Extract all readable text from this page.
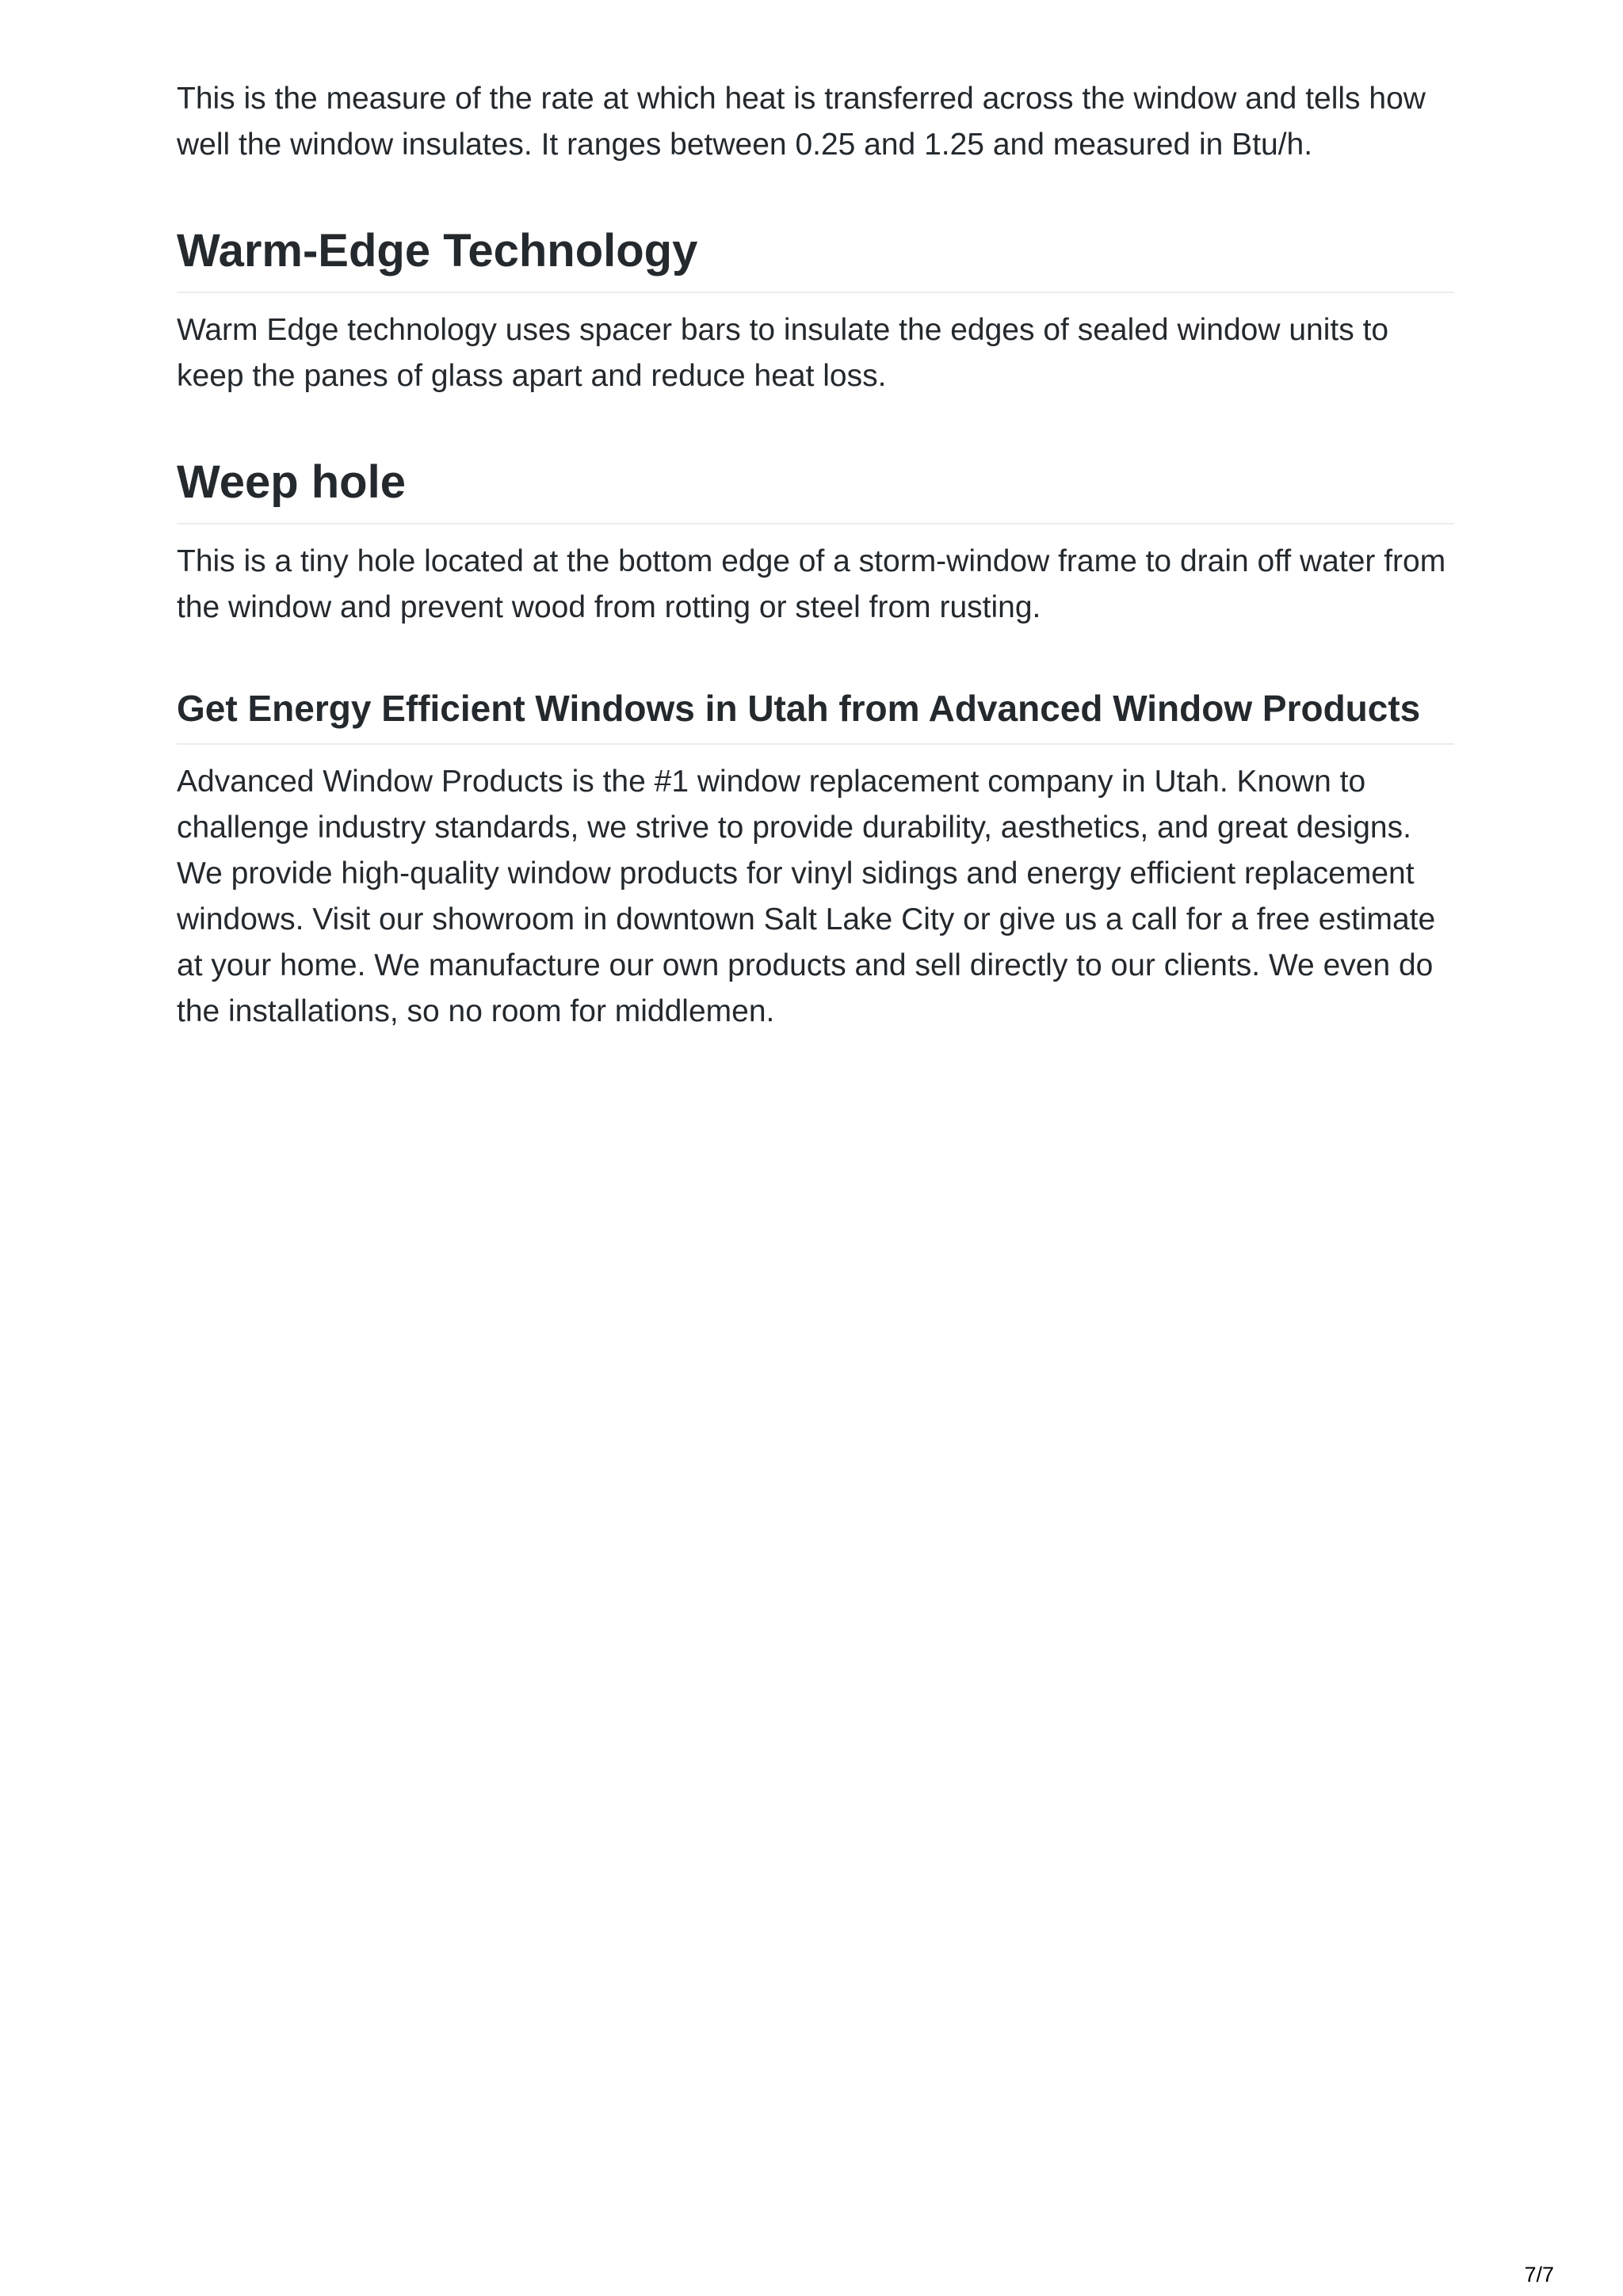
This is the measure of the rate at which heat is transferred across the window and tells how well the window insulates. It ranges between 0.25 and 1.25 and measured in Btu/h.

Warm-Edge Technology

Warm Edge technology uses spacer bars to insulate the edges of sealed window units to keep the panes of glass apart and reduce heat loss.

Weep hole

This is a tiny hole located at the bottom edge of a storm-window frame to drain off water from the window and prevent wood from rotting or steel from rusting.

Get Energy Efficient Windows in Utah from Advanced Window Products

Advanced Window Products is the #1 window replacement company in Utah. Known to challenge industry standards, we strive to provide durability, aesthetics, and great designs. We provide high-quality window products for vinyl sidings and energy efficient replacement windows. Visit our showroom in downtown Salt Lake City or give us a call for a free estimate at your home. We manufacture our own products and sell directly to our clients. We even do the installations, so no room for middlemen.

7/7
